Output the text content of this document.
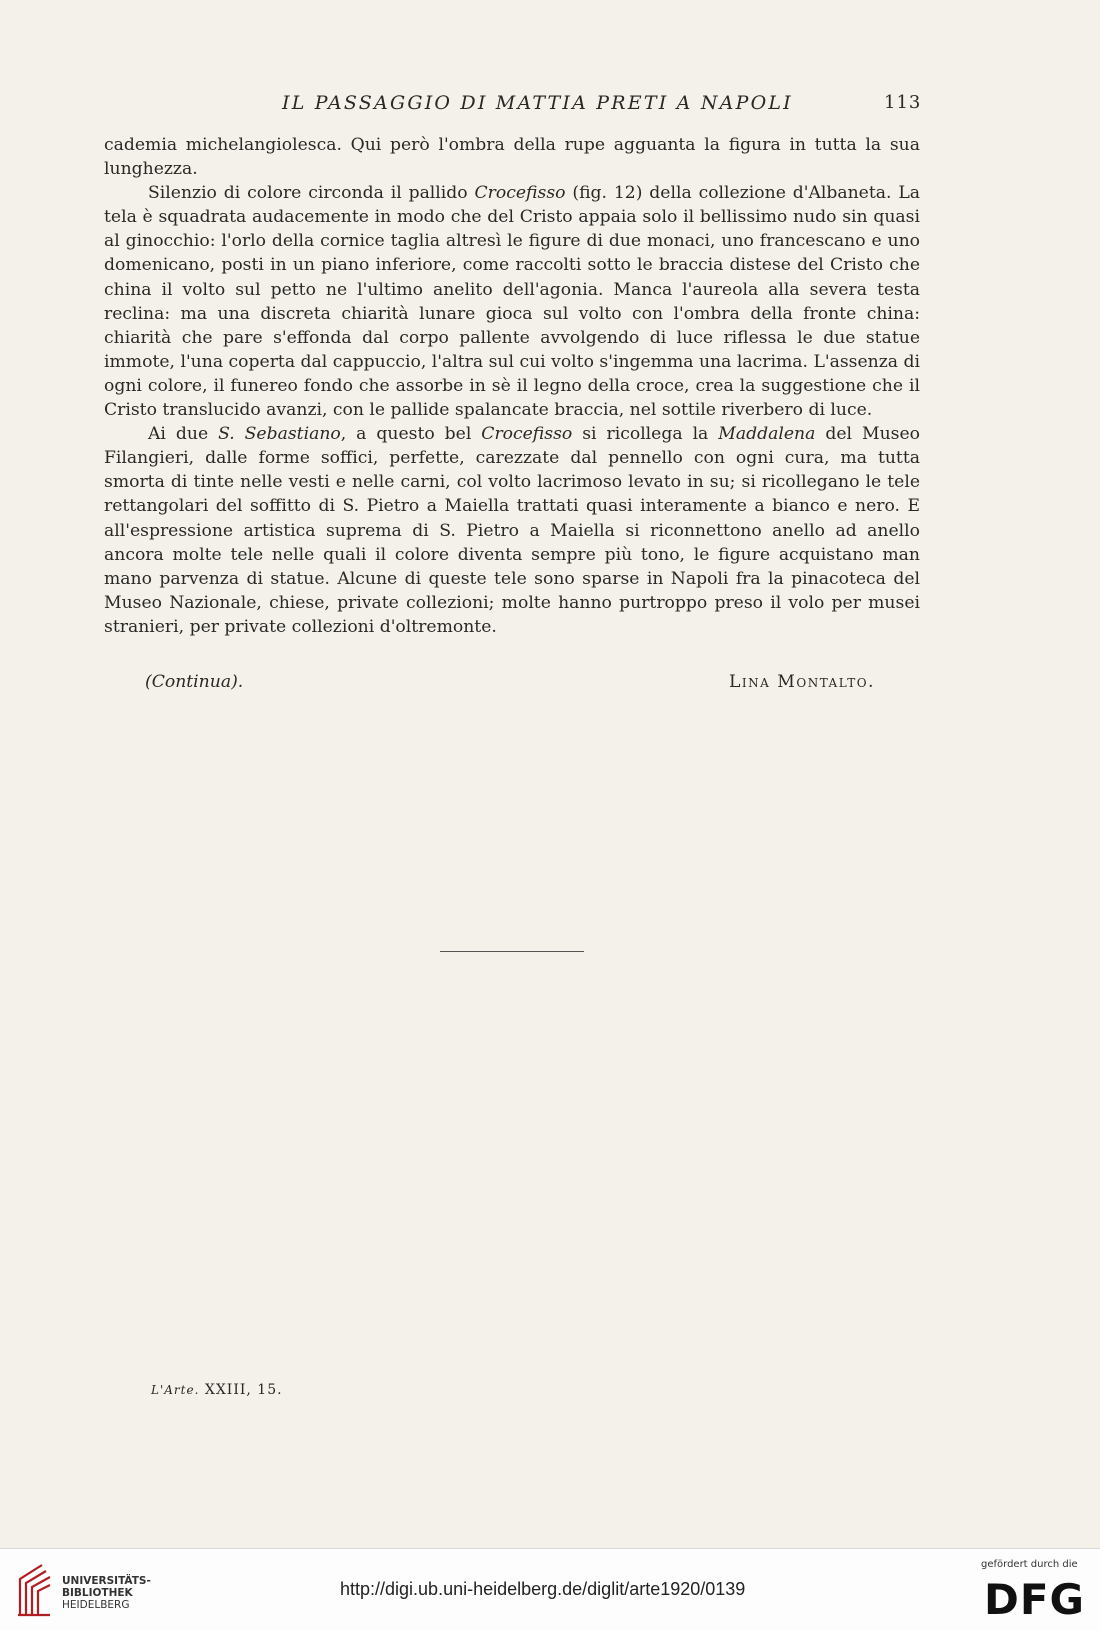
IL PASSAGGIO DI MATTIA PRETI A NAPOLI	113

cademia michelangiolesca. Qui però l'ombra della rupe agguanta la figura in tutta la sua lunghezza.

Silenzio di colore circonda il pallido Crocefisso (fig. 12) della collezione d'Albaneta. La tela è squadrata audacemente in modo che del Cristo appaia solo il bellissimo nudo sin quasi al ginocchio: l'orlo della cornice taglia altresì le figure di due monaci, uno francescano e uno domenicano, posti in un piano inferiore, come raccolti sotto le braccia distese del Cristo che china il volto sul petto ne l'ultimo anelito dell'agonia. Manca l'aureola alla severa testa reclina: ma una discreta chiarità lunare gioca sul volto con l'ombra della fronte china: chiarità che pare s'effonda dal corpo pallente avvolgendo di luce riflessa le due statue immote, l'una coperta dal cappuccio, l'altra sul cui volto s'ingemma una lacrima. L'assenza di ogni colore, il funereo fondo che assorbe in sè il legno della croce, crea la suggestione che il Cristo translucido avanzi, con le pallide spalancate braccia, nel sottile riverbero di luce.

Ai due S. Sebastiano, a questo bel Crocefisso si ricollega la Maddalena del Museo Filangieri, dalle forme soffici, perfette, carezzate dal pennello con ogni cura, ma tutta smorta di tinte nelle vesti e nelle carni, col volto lacrimoso levato in su; si ricollegano le tele rettangolari del soffitto di S. Pietro a Maiella trattati quasi interamente a bianco e nero. E all'espressione artistica suprema di S. Pietro a Maiella si riconnettono anello ad anello ancora molte tele nelle quali il colore diventa sempre più tono, le figure acquistano man mano parvenza di statue. Alcune di queste tele sono sparse in Napoli fra la pinacoteca del Museo Nazionale, chiese, private collezioni; molte hanno purtroppo preso il volo per musei stranieri, per private collezioni d'oltremonte.

(Continua).	Lina Montalto.
L'Arte. XXIII, 15.
UNIVERSITÄTS-
BIBLIOTHEK
HEIDELBERG
http://digi.ub.uni-heidelberg.de/diglit/arte1920/0139
gefördert durch die
DFG
